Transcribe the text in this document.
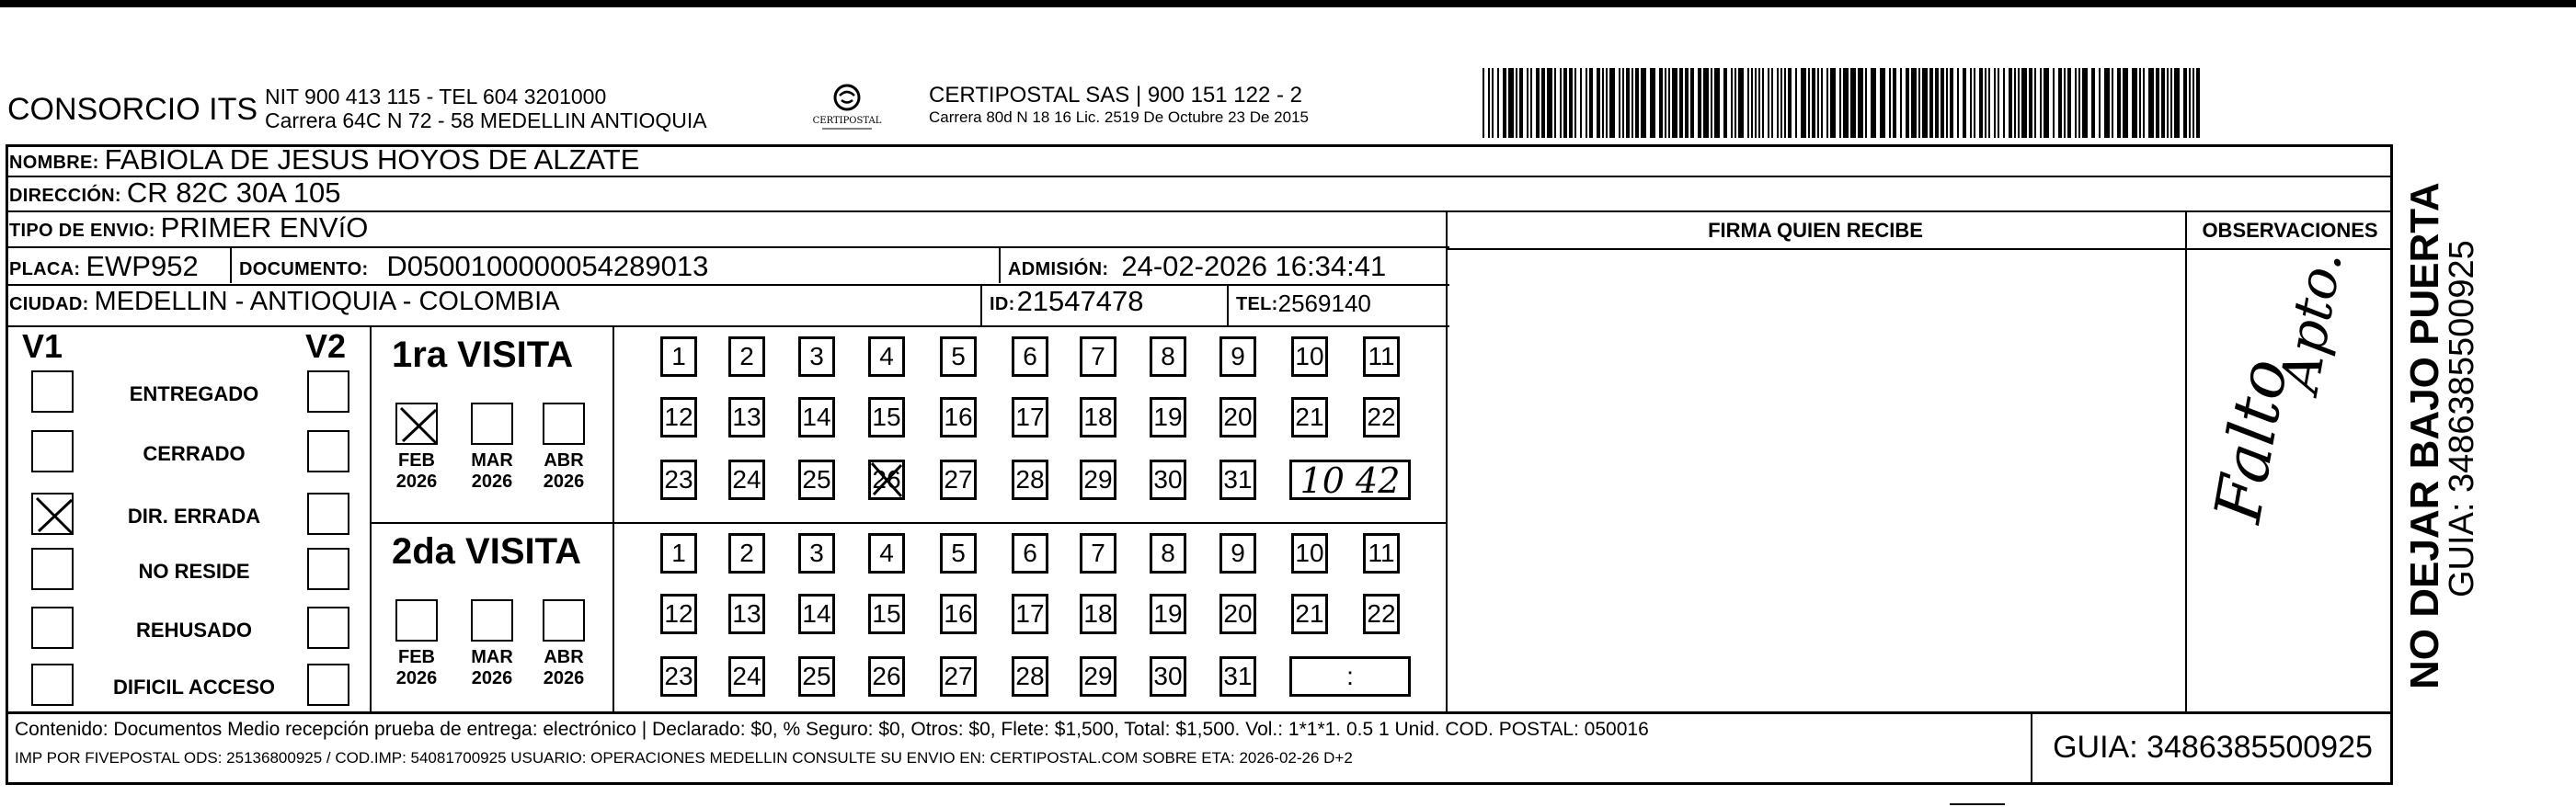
CONSORCIO ITS NIT 900 413 115 - TEL 604 3201000
Carrera 64C N 72 - 58 MEDELLIN ANTIOQUIA	CERTIPOSTAL
CERTIPOSTAL SAS | 900 151 122 - 2
Carrera 80d N 18 16 Lic. 2519 De Octubre 23 De 2015
NOMBRE: FABIOLA DE JESUS HOYOS DE ALZATE
DIRECCIÓN: CR 82C 30A 105
TIPO DE ENVIO: PRIMER ENVíO
PLACA: EWP952 DOCUMENTO: D0500100000054289013	ADMISIÓN: 24-02-2026 16:34:41
CIUDAD: MEDELLIN - ANTIOQUIA - COLOMBIA	ID: 21547478	TEL: 2569140
FIRMA QUIEN RECIBE	OBSERVACIONES
V1	V2
ENTREGADO
CERRADO
DIR. ERRADA
NO RESIDE
REHUSADO
DIFICIL ACCESO
1ra VISITA
FEB
2026
MAR
2026
ABR
2026
1	2	3	4	5	6	7	8	9	10 11
12 13 14 15 16 17 18 19 20 21 22
23 24 25 26 27 28 29 30 31	10 42
2da VISITA
FEB
2026
MAR
2026
ABR
2026
1	2	3	4	5	6	7	8	9	10 11
12 13 14 15 16 17 18 19 20 21 22
23 24 25 26 27 28 29 30 31	:
Falto
Apto.
Contenido: Documentos Medio recepción prueba de entrega: electrónico | Declarado: $0, % Seguro: $0, Otros: $0, Flete: $1,500, Total: $1,500. Vol.: 1*1*1. 0.5 1 Unid. COD. POSTAL: 050016
IMP POR FIVEPOSTAL ODS: 25136800925 / COD.IMP: 54081700925 USUARIO: OPERACIONES MEDELLIN CONSULTE SU ENVIO EN: CERTIPOSTAL.COM SOBRE ETA: 2026-02-26 D+2	GUIA: 3486385500925
NO DEJAR BAJO PUERTA
GUIA: 3486385500925
